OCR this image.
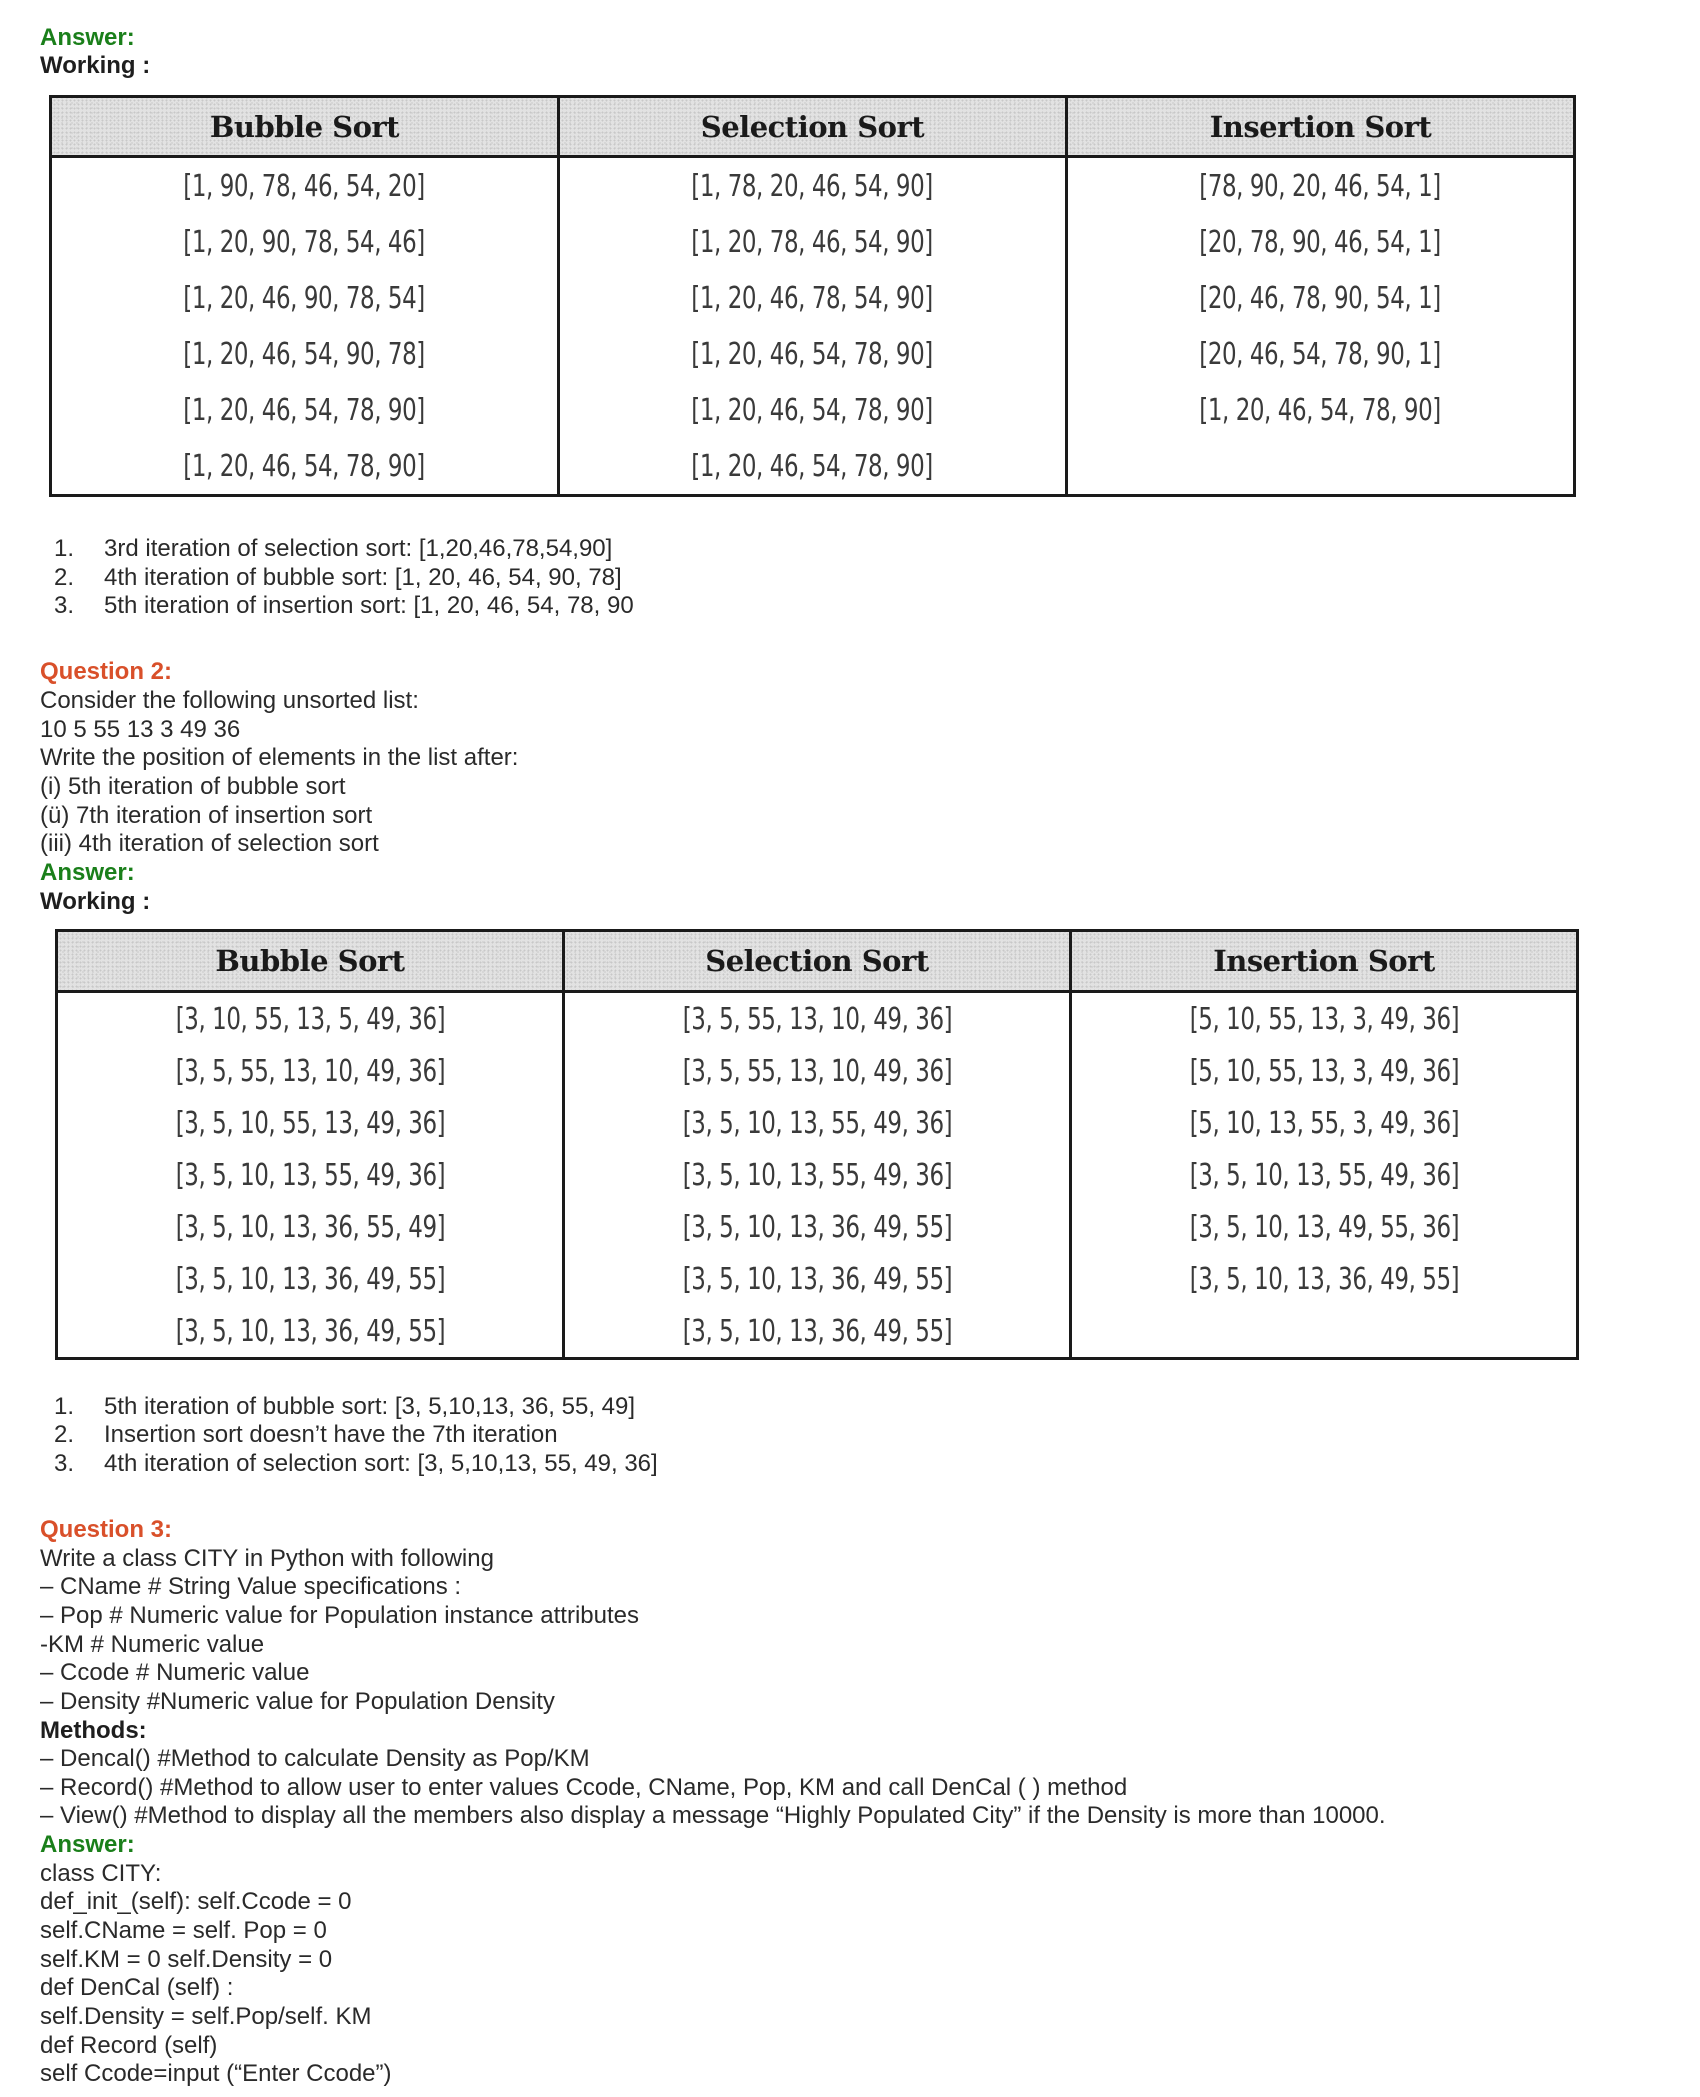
Answer:
Working :
Bubble Sort	Selection Sort	Insertion Sort
[1, 90, 78, 46, 54, 20]	[1, 78, 20, 46, 54, 90]	[78, 90, 20, 46, 54, 1]
[1, 20, 90, 78, 54, 46]	[1, 20, 78, 46, 54, 90]	[20, 78, 90, 46, 54, 1]
[1, 20, 46, 90, 78, 54]	[1, 20, 46, 78, 54, 90]	[20, 46, 78, 90, 54, 1]
[1, 20, 46, 54, 90, 78]	[1, 20, 46, 54, 78, 90]	[20, 46, 54, 78, 90, 1]
[1, 20, 46, 54, 78, 90]	[1, 20, 46, 54, 78, 90]	[1, 20, 46, 54, 78, 90]
[1, 20, 46, 54, 78, 90]	[1, 20, 46, 54, 78, 90]	
1. 3rd iteration of selection sort: [1,20,46,78,54,90]
2. 4th iteration of bubble sort: [1, 20, 46, 54, 90, 78]
3. 5th iteration of insertion sort: [1, 20, 46, 54, 78, 90
Question 2:
Consider the following unsorted list:
10 5 55 13 3 49 36
Write the position of elements in the list after:
(i) 5th iteration of bubble sort
(ü) 7th iteration of insertion sort
(iii) 4th iteration of selection sort
Answer:
Working :
Bubble Sort	Selection Sort	Insertion Sort
[3, 10, 55, 13, 5, 49, 36]	[3, 5, 55, 13, 10, 49, 36]	[5, 10, 55, 13, 3, 49, 36]
[3, 5, 55, 13, 10, 49, 36]	[3, 5, 55, 13, 10, 49, 36]	[5, 10, 55, 13, 3, 49, 36]
[3, 5, 10, 55, 13, 49, 36]	[3, 5, 10, 13, 55, 49, 36]	[5, 10, 13, 55, 3, 49, 36]
[3, 5, 10, 13, 55, 49, 36]	[3, 5, 10, 13, 55, 49, 36]	[3, 5, 10, 13, 55, 49, 36]
[3, 5, 10, 13, 36, 55, 49]	[3, 5, 10, 13, 36, 49, 55]	[3, 5, 10, 13, 49, 55, 36]
[3, 5, 10, 13, 36, 49, 55]	[3, 5, 10, 13, 36, 49, 55]	[3, 5, 10, 13, 36, 49, 55]
[3, 5, 10, 13, 36, 49, 55]	[3, 5, 10, 13, 36, 49, 55]	
1. 5th iteration of bubble sort: [3, 5,10,13, 36, 55, 49]
2. Insertion sort doesn’t have the 7th iteration
3. 4th iteration of selection sort: [3, 5,10,13, 55, 49, 36]
Question 3:
Write a class CITY in Python with following
– CName # String Value specifications :
– Pop # Numeric value for Population instance attributes
-KM # Numeric value
– Ccode # Numeric value
– Density #Numeric value for Population Density
Methods:
– Dencal() #Method to calculate Density as Pop/KM
– Record() #Method to allow user to enter values Ccode, CName, Pop, KM and call DenCal ( ) method
– View() #Method to display all the members also display a message “Highly Populated City” if the Density is more than 10000.
Answer:
class CITY:
def_init_(self): self.Ccode = 0
self.CName = self. Pop = 0
self.KM = 0 self.Density = 0
def DenCal (self) :
self.Density = self.Pop/self. KM
def Record (self)
self Ccode=input (“Enter Ccode”)
